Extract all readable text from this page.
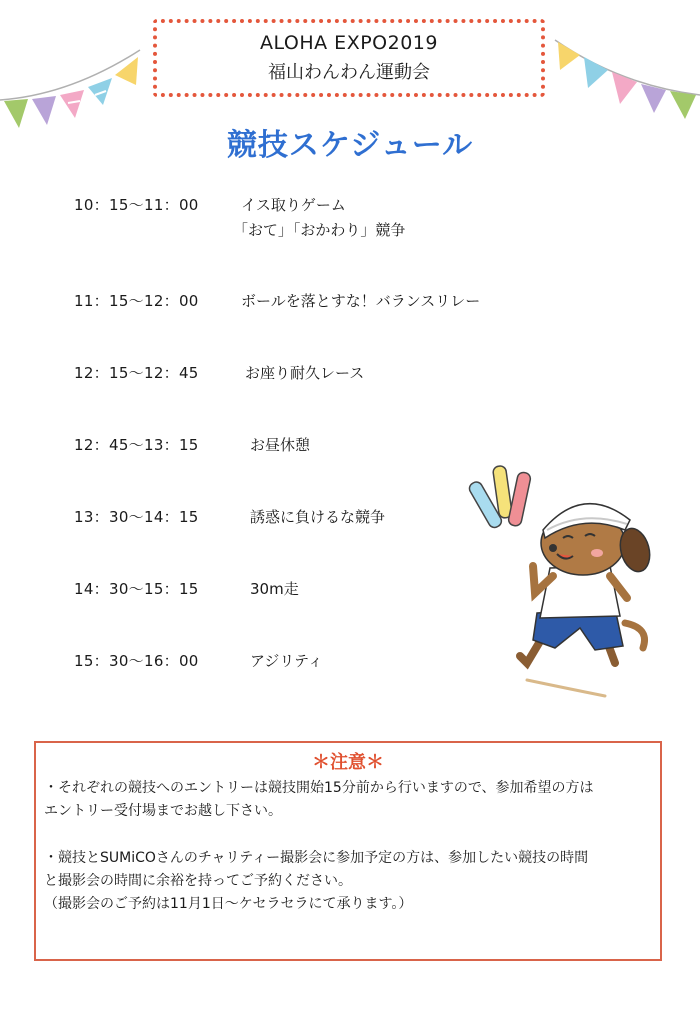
ALOHA EXPO2019
福山わんわん運動会
競技スケジュール
10：15〜11：00	イス取りゲーム
「おて」「おかわり」競争
11：15〜12：00	ボールを落とすな！バランスリレー
12：15〜12：45	お座り耐久レース
12：45〜13：15	お昼休憩
13：30〜14：15	誘惑に負けるな競争
14：30〜15：15	30m走
15：30〜16：00	アジリティ
＊注意＊
・それぞれの競技へのエントリーは競技開始15分前から行いますので、参加希望の方は
エントリー受付場までお越し下さい。
・競技とSUMiCOさんのチャリティー撮影会に参加予定の方は、参加したい競技の時間
と撮影会の時間に余裕を持ってご予約ください。
（撮影会のご予約は11月1日〜ケセラセラにて承ります。）
